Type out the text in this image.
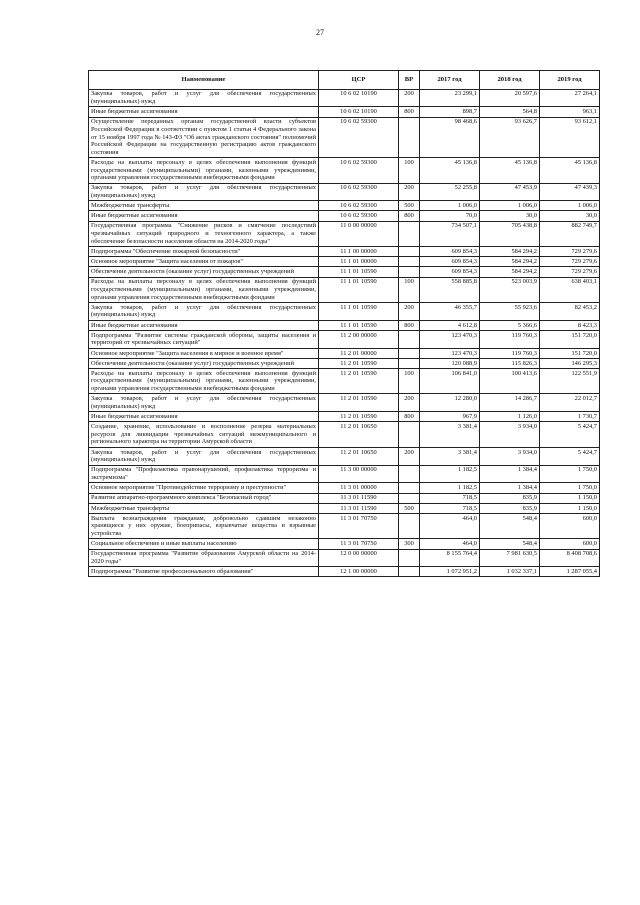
27
Наименование	ЦСР	ВР	2017 год	2018 год	2019 год
Закупка товаров, работ и услуг для обеспечения государственных (муниципальных) нужд	10 6 02 10190	200	23 299,1	20 597,6	27 264,1
Иные бюджетные ассигнования	10 6 02 10190	800	898,7	564,8	963,1
Осуществление переданных органам государственной власти субъектов Российской Федерации в соответствии с пунктом 1 статьи 4 Федерального закона от 15 ноября 1997 года № 143-ФЗ "Об актах гражданского состояния" полномочий Российской Федерации на государственную регистрацию актов гражданского состояния	10 6 02 59300		98 468,6	93 626,7	93 612,1
Расходы на выплаты персоналу в целях обеспечения выполнения функций государственными (муниципальными) органами, казенными учреждениями, органами управления государственными внебюджетными фондами	10 6 02 59300	100	45 136,8	45 136,8	45 136,8
Закупка товаров, работ и услуг для обеспечения государственных (муниципальных) нужд	10 6 02 59300	200	52 255,8	47 453,9	47 439,3
Межбюджетные трансферты	10 6 02 59300	500	1 006,0	1 006,0	1 006,0
Иные бюджетные ассигнования	10 6 02 59300	800	70,0	30,0	30,0
Государственная программа "Снижение рисков и смягчение последствий чрезвычайных ситуаций природного и техногенного характера, а также обеспечение безопасности населения области на 2014-2020 годы"	11 0 00 00000		734 507,1	705 438,8	882 749,7
Подпрограмма "Обеспечение пожарной безопасности"	11 1 00 00000		609 854,3	584 294,2	729 279,6
Основное мероприятие "Защита населения от пожаров"	11 1 01 00000		609 854,3	584 294,2	729 279,6
Обеспечение деятельности (оказание услуг) государственных учреждений	11 1 01 10590		609 854,3	584 294,2	729 279,6
Расходы на выплаты персоналу в целях обеспечения выполнения функций государственными (муниципальными) органами, казенными учреждениями, органами управления государственными внебюджетными фондами	11 1 01 10590	100	558 885,8	523 003,9	638 403,1
Закупка товаров, работ и услуг для обеспечения государственных (муниципальных) нужд	11 1 01 10590	200	46 355,7	55 923,6	82 453,2
Иные бюджетные ассигнования	11 1 01 10590	800	4 612,8	5 366,6	8 423,3
Подпрограмма "Развитие системы гражданской обороны, защиты населения и территорий от чрезвычайных ситуаций"	11 2 00 00000		123 470,3	119 760,3	151 720,0
Основное мероприятие "Защита населения в мирное и военное время"	11 2 01 00000		123 470,3	119 760,3	151 720,0
Обеспечение деятельности (оказание услуг) государственных учреждений	11 2 01 10590		120 088,9	115 826,3	146 295,3
Расходы на выплаты персоналу в целях обеспечения выполнения функций государственными (муниципальными) органами, казенными учреждениями, органами управления государственными внебюджетными фондами	11 2 01 10590	100	106 841,0	100 413,6	122 551,9
Закупка товаров, работ и услуг для обеспечения государственных (муниципальных) нужд	11 2 01 10590	200	12 280,0	14 286,7	22 012,7
Иные бюджетные ассигнования	11 2 01 10590	800	967,9	1 126,0	1 730,7
Создание, хранение, использование и восполнение резерва материальных ресурсов для ликвидации чрезвычайных ситуаций межмуниципального и регионального характера на территории Амурской области	11 2 01 10650		3 381,4	3 934,0	5 424,7
Закупка товаров, работ и услуг для обеспечения государственных (муниципальных) нужд	11 2 01 10650	200	3 381,4	3 934,0	5 424,7
Подпрограмма "Профилактика правонарушений, профилактика терроризма и экстремизма"	11 3 00 00000		1 182,5	1 384,4	1 750,0
Основное мероприятие "Противодействие терроризму и преступности"	11 3 01 00000		1 182,5	1 384,4	1 750,0
Развитие аппаратно-программного комплекса "Безопасный город"	11 3 01 11590		718,5	835,9	1 150,0
Межбюджетные трансферты	11 3 01 11590	500	718,5	835,9	1 150,0
Выплата вознаграждения гражданам, добровольно сдавшим незаконно хранящиеся у них оружие, боеприпасы, взрывчатые вещества и взрывные устройства	11 3 01 70750		464,0	548,4	600,0
Социальное обеспечение и иные выплаты населению	11 3 01 70750	300	464,0	548,4	600,0
Государственная программа "Развитие образования Амурской области на 2014-2020 годы"	12 0 00 00000		8 155 764,4	7 981 630,5	8 408 708,6
Подпрограмма "Развитие профессионального образования"	12 1 00 00000		1 072 951,2	1 032 337,1	1 287 055,4
